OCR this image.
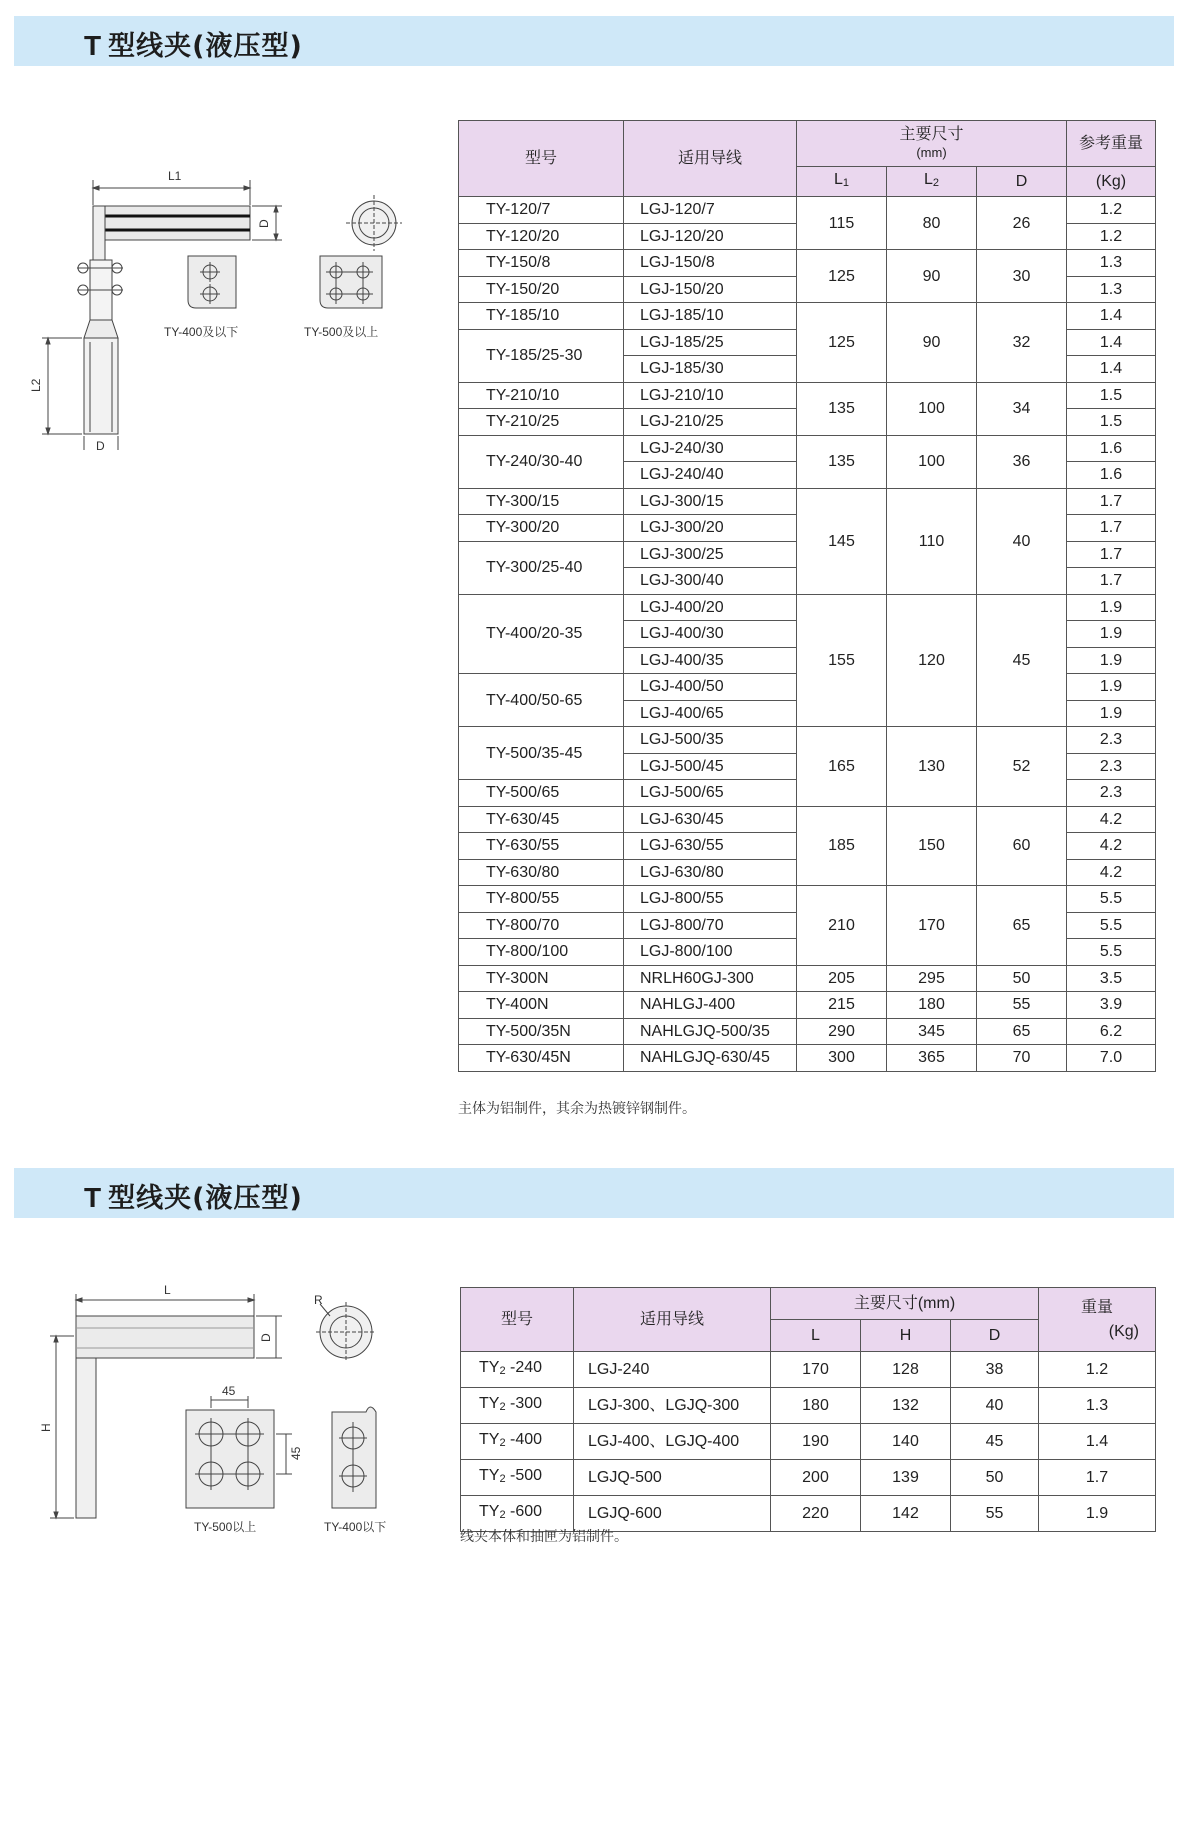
T 型线夹(液压型)
L1
D
L2
D
TY-400及以下	TY-500及以上
型号	适用导线	主要尺寸
(mm)			参考重量
		L1	L2	D	(Kg)
TY-120/7	LGJ-120/7	115	80	26	1.2
TY-120/20	LGJ-120/20				1.2
TY-150/8	LGJ-150/8	125	90	30	1.3
TY-150/20	LGJ-150/20				1.3
TY-185/10	LGJ-185/10	125	90	32	1.4
TY-185/25-30	LGJ-185/25				1.4
	LGJ-185/30				1.4
TY-210/10	LGJ-210/10	135	100	34	1.5
TY-210/25	LGJ-210/25				1.5
TY-240/30-40	LGJ-240/30	135	100	36	1.6
	LGJ-240/40				1.6
TY-300/15	LGJ-300/15	145	110	40	1.7
TY-300/20	LGJ-300/20				1.7
TY-300/25-40	LGJ-300/25				1.7
	LGJ-300/40				1.7
TY-400/20-35	LGJ-400/20	155	120	45	1.9
	LGJ-400/30				1.9
	LGJ-400/35				1.9
TY-400/50-65	LGJ-400/50				1.9
	LGJ-400/65				1.9
TY-500/35-45	LGJ-500/35	165	130	52	2.3
	LGJ-500/45				2.3
TY-500/65	LGJ-500/65				2.3
TY-630/45	LGJ-630/45	185	150	60	4.2
TY-630/55	LGJ-630/55				4.2
TY-630/80	LGJ-630/80				4.2
TY-800/55	LGJ-800/55	210	170	65	5.5
TY-800/70	LGJ-800/70				5.5
TY-800/100	LGJ-800/100				5.5
TY-300N	NRLH60GJ-300	205	295	50	3.5
TY-400N	NAHLGJ-400	215	180	55	3.9
TY-500/35N	NAHLGJQ-500/35	290	345	65	6.2
TY-630/45N	NAHLGJQ-630/45	300	365	70	7.0
主体为铝制件，其余为热镀锌钢制件。
T 型线夹(液压型)
L
D
H
R
45
45
TY-500以上	TY-400以下
型号	适用导线	主要尺寸(mm)			重量
(Kg)

		L	H	D	
TY2 -240	LGJ-240	170	128	38	1.2
TY2 -300	LGJ-300、LGJQ-300	180	132	40	1.3
TY2 -400	LGJ-400、LGJQ-400	190	140	45	1.4
TY2 -500	LGJQ-500	200	139	50	1.7
TY2 -600	LGJQ-600	220	142	55	1.9
线夹本体和抽匣为铝制件。
